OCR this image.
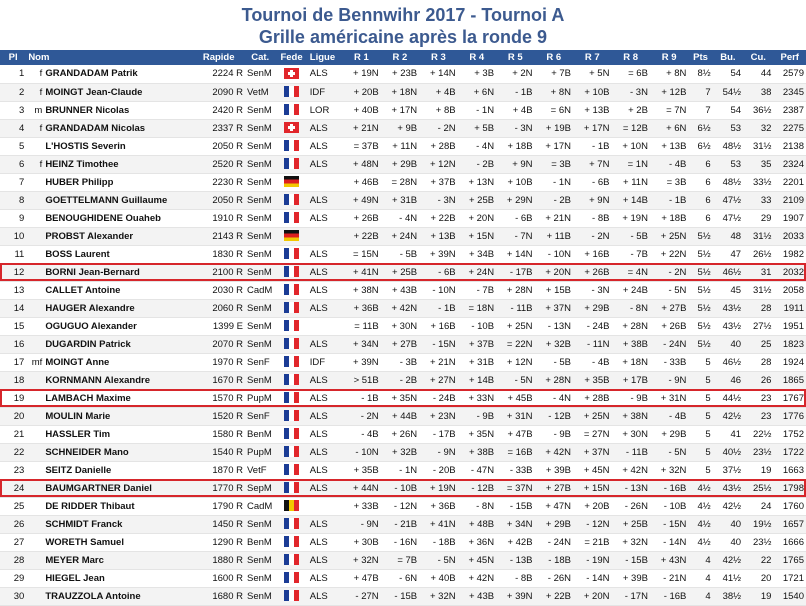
Tournoi de Bennwihr 2017 - Tournoi A
Grille américaine après la ronde 9
Pl	Nom	Rapide	Cat.	Fede	Ligue	R 1	R 2	R 3	R 4	R 5	R 6	R 7	R 8	R 9	Pts	Bu.	Cu.	Perf
1	f GRANDADAM Patrik	2224 R	SenM		ALS	+ 19N	+ 23B	+ 14N	+ 3B	+ 2N	+ 7B	+ 5N	= 6B	+ 8N	8½	54	44	2579
2	f MOINGT Jean-Claude	2090 R	VetM		IDF	+ 20B	+ 18N	+ 4B	+ 6N	- 1B	+ 8N	+ 10B	- 3N	+ 12B	7	54½	38	2345
3	m BRUNNER Nicolas	2420 R	SenM		LOR	+ 40B	+ 17N	+ 8B	- 1N	+ 4B	= 6N	+ 13B	+ 2B	= 7N	7	54	36½	2387
4	f GRANDADAM Nicolas	2337 R	SenM		ALS	+ 21N	+ 9B	- 2N	+ 5B	- 3N	+ 19B	+ 17N	= 12B	+ 6N	6½	53	32	2275
5	L'HOSTIS Severin	2050 R	SenM		ALS	= 37B	+ 11N	+ 28B	- 4N	+ 18B	+ 17N	- 1B	+ 10N	+ 13B	6½	48½	31½	2138
6	f HEINZ Timothee	2520 R	SenM		ALS	+ 48N	+ 29B	+ 12N	- 2B	+ 9N	= 3B	+ 7N	= 1N	- 4B	6	53	35	2324
7	HUBER Philipp	2230 R	SenM			+ 46B	= 28N	+ 37B	+ 13N	+ 10B	- 1N	- 6B	+ 11N	= 3B	6	48½	33½	2201
8	GOETTELMANN Guillaume	2050 R	SenM		ALS	+ 49N	+ 31B	- 3N	+ 25B	+ 29N	- 2B	+ 9N	+ 14B	- 1B	6	47½	33	2109
9	BENOUGHIDENE Ouaheb	1910 R	SenM		ALS	+ 26B	- 4N	+ 22B	+ 20N	- 6B	+ 21N	- 8B	+ 19N	+ 18B	6	47½	29	1907
10	PROBST Alexander	2143 R	SenM			+ 22B	+ 24N	+ 13B	+ 15N	- 7N	+ 11B	- 2N	- 5B	+ 25N	5½	48	31½	2033
11	BOSS Laurent	1830 R	SenM		ALS	= 15N	- 5B	+ 39N	+ 34B	+ 14N	- 10N	+ 16B	- 7B	+ 22N	5½	47	26½	1982
12	BORNI Jean-Bernard	2100 R	SenM		ALS	+ 41N	+ 25B	- 6B	+ 24N	- 17B	+ 20N	+ 26B	= 4N	- 2N	5½	46½	31	2032
13	CALLET Antoine	2030 R	CadM		ALS	+ 38N	+ 43B	- 10N	- 7B	+ 28N	+ 15B	- 3N	+ 24B	- 5N	5½	45	31½	2058
14	HAUGER Alexandre	2060 R	SenM		ALS	+ 36B	+ 42N	- 1B	= 18N	- 11B	+ 37N	+ 29B	- 8N	+ 27B	5½	43½	28	1911
15	OGUGUO Alexander	1399 E	SenM			= 11B	+ 30N	+ 16B	- 10B	+ 25N	- 13N	- 24B	+ 28N	+ 26B	5½	43½	27½	1951
16	DUGARDIN Patrick	2070 R	SenM		ALS	+ 34N	+ 27B	- 15N	+ 37B	= 22N	+ 32B	- 11N	+ 38B	- 24N	5½	40	25	1823
17	mf MOINGT Anne	1970 R	SenF		IDF	+ 39N	- 3B	+ 21N	+ 31B	+ 12N	- 5B	- 4B	+ 18N	- 33B	5	46½	28	1924
18	KORNMANN Alexandre	1670 R	SenM		ALS	> 51B	- 2B	+ 27N	+ 14B	- 5N	+ 28N	+ 35B	+ 17B	- 9N	5	46	26	1865
19	LAMBACH Maxime	1570 R	PupM		ALS	- 1B	+ 35N	- 24B	+ 33N	+ 45B	- 4N	+ 28B	- 9B	+ 31N	5	44½	23	1767
20	MOULIN Marie	1520 R	SenF		ALS	- 2N	+ 44B	+ 23N	- 9B	+ 31N	- 12B	+ 25N	+ 38N	- 4B	5	42½	23	1776
21	HASSLER Tim	1580 R	BenM		ALS	- 4B	+ 26N	- 17B	+ 35N	+ 47B	- 9B	= 27N	+ 30N	+ 29B	5	41	22½	1752
22	SCHNEIDER Mano	1540 R	PupM		ALS	- 10N	+ 32B	- 9N	+ 38B	= 16B	+ 42N	+ 37N	- 11B	- 5N	5	40½	23½	1722
23	SEITZ Danielle	1870 R	VetF		ALS	+ 35B	- 1N	- 20B	- 47N	- 33B	+ 39B	+ 45N	+ 42N	+ 32N	5	37½	19	1663
24	BAUMGARTNER Daniel	1770 R	SepM		ALS	+ 44N	- 10B	+ 19N	- 12B	= 37N	+ 27B	+ 15N	- 13N	- 16B	4½	43½	25½	1798
25	DE RIDDER Thibaut	1790 R	CadM			+ 33B	- 12N	+ 36B	- 8N	- 15B	+ 47N	+ 20B	- 26N	- 10B	4½	42½	24	1760
26	SCHMIDT Franck	1450 R	SenM		ALS	- 9N	- 21B	+ 41N	+ 48B	+ 34N	+ 29B	- 12N	+ 25B	- 15N	4½	40	19½	1657
27	WORETH Samuel	1290 R	BenM		ALS	+ 30B	- 16N	- 18B	+ 36N	+ 42B	- 24N	= 21B	+ 32N	- 14N	4½	40	23½	1666
28	MEYER Marc	1880 R	SenM		ALS	+ 32N	= 7B	- 5N	+ 45N	- 13B	- 18B	- 19N	- 15B	+ 43N	4	42½	22	1765
29	HIEGEL Jean	1600 R	SenM		ALS	+ 47B	- 6N	+ 40B	+ 42N	- 8B	- 26N	- 14N	+ 39B	- 21N	4	41½	20	1721
30	TRAUZZOLA Antoine	1680 R	SenM		ALS	- 27N	- 15B	+ 32N	+ 43B	+ 39N	+ 22B	+ 20N	- 17N	- 16B	4	38½	19	1540
